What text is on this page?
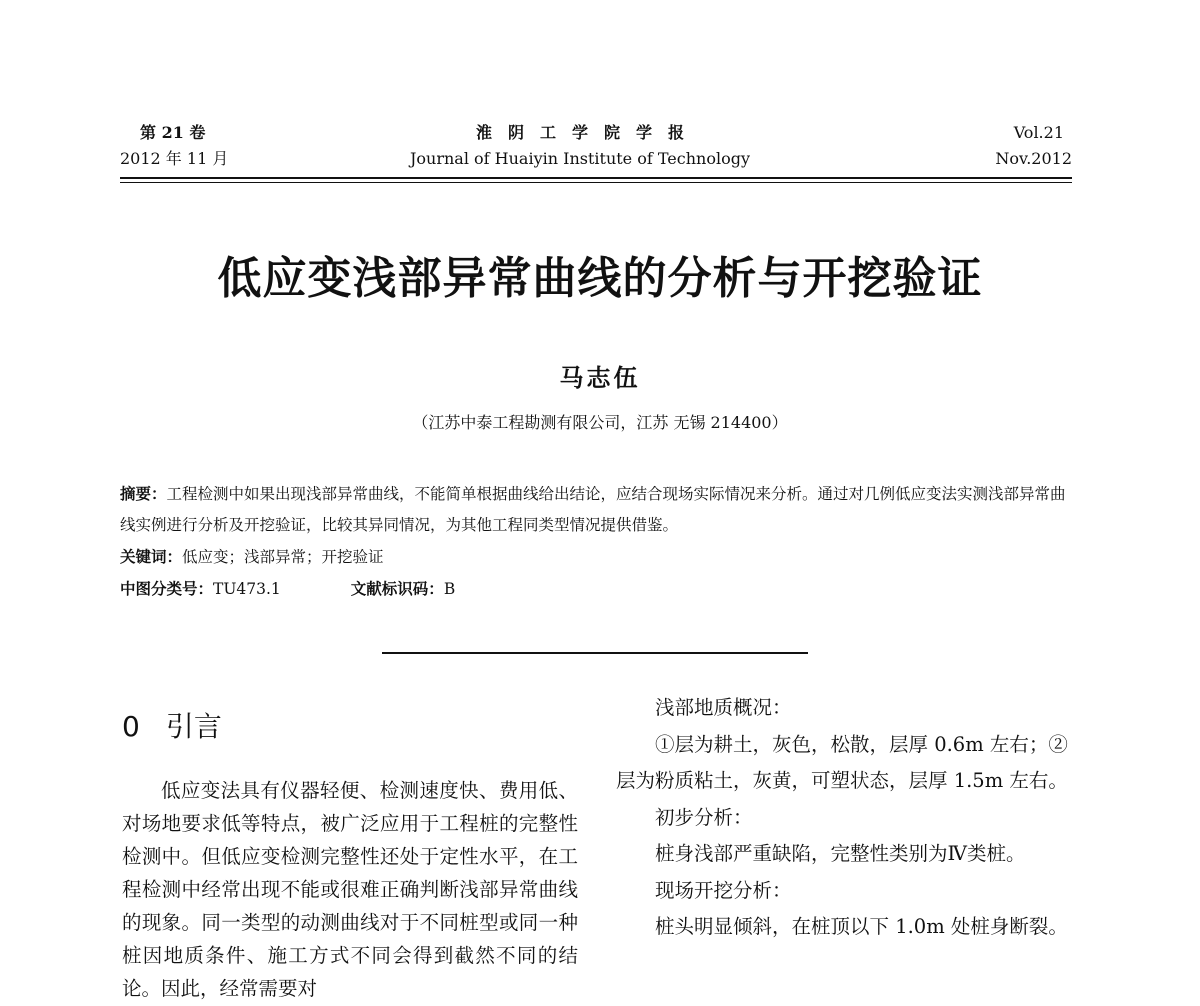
第 21 卷
2012 年 11 月
淮　阴　工　学　院　学　报
Journal of Huaiyin Institute of Technology
Vol.21
Nov.2012
低应变浅部异常曲线的分析与开挖验证
马志伍
（江苏中泰工程勘测有限公司，江苏 无锡 214400）

摘要：工程检测中如果出现浅部异常曲线，不能简单根据曲线给出结论，应结合现场实际情况来分析。通过对几例低应变法实测浅部异常曲线实例进行分析及开挖验证，比较其异同情况，为其他工程同类型情况提供借鉴。

关键词：低应变；浅部异常；开挖验证

中图分类号：TU473.1	文献标识码：B

0 引言

低应变法具有仪器轻便、检测速度快、费用低、对场地要求低等特点，被广泛应用于工程桩的完整性检测中。但低应变检测完整性还处于定性水平，在工程检测中经常出现不能或很难正确判断浅部异常曲线的现象。同一类型的动测曲线对于不同桩型或同一种桩因地质条件、施工方式不同会得到截然不同的结论。因此，经常需要对

浅部地质概况：

①层为耕土，灰色，松散，层厚 0.6m 左右；②层为粉质粘土，灰黄，可塑状态，层厚 1.5m 左右。

初步分析：

桩身浅部严重缺陷，完整性类别为Ⅳ类桩。

现场开挖分析：

桩头明显倾斜，在桩顶以下 1.0m 处桩身断裂。
